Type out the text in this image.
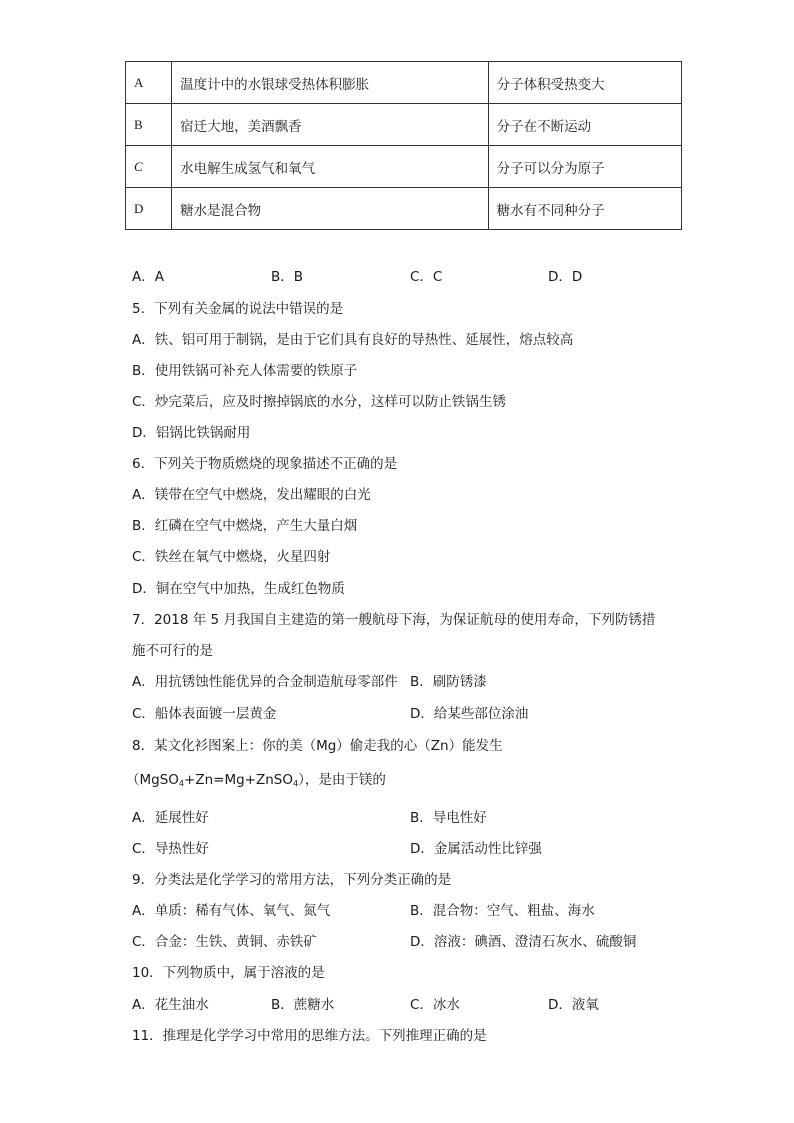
A	温度计中的水银球受热体积膨胀	分子体积受热变大
B	宿迁大地，美酒飘香	分子在不断运动
C	水电解生成氢气和氧气	分子可以分为原子
D	糖水是混合物	糖水有不同种分子
A．A	B．B	C．C	D．D
5．下列有关金属的说法中错误的是
A．铁、铝可用于制锅，是由于它们具有良好的导热性、延展性，熔点较高
B．使用铁锅可补充人体需要的铁原子
C．炒完菜后，应及时擦掉锅底的水分，这样可以防止铁锅生锈
D．铝锅比铁锅耐用
6．下列关于物质燃烧的现象描述不正确的是
A．镁带在空气中燃烧，发出耀眼的白光
B．红磷在空气中燃烧，产生大量白烟
C．铁丝在氧气中燃烧，火星四射
D．铜在空气中加热，生成红色物质
7．2018 年 5 月我国自主建造的第一艘航母下海，为保证航母的使用寿命，下列防锈措
施不可行的是
A．用抗锈蚀性能优异的合金制造航母零部件 B．刷防锈漆
C．船体表面镀一层黄金	D．给某些部位涂油
8．某文化衫图案上：你的美（Mg）偷走我的心（Zn）能发生
（MgSO$_4$+Zn=Mg+ZnSO$_4$），是由于镁的
A．延展性好	B．导电性好
C．导热性好	D．金属活动性比锌强
9．分类法是化学学习的常用方法，下列分类正确的是
A．单质：稀有气体、氧气、氮气	B．混合物：空气、粗盐、海水
C．合金：生铁、黄铜、赤铁矿	D．溶液：碘酒、澄清石灰水、硫酸铜
10．下列物质中，属于溶液的是
A．花生油水	B．蔗糖水	C．冰水	D．液氧
11．推理是化学学习中常用的思维方法。下列推理正确的是
